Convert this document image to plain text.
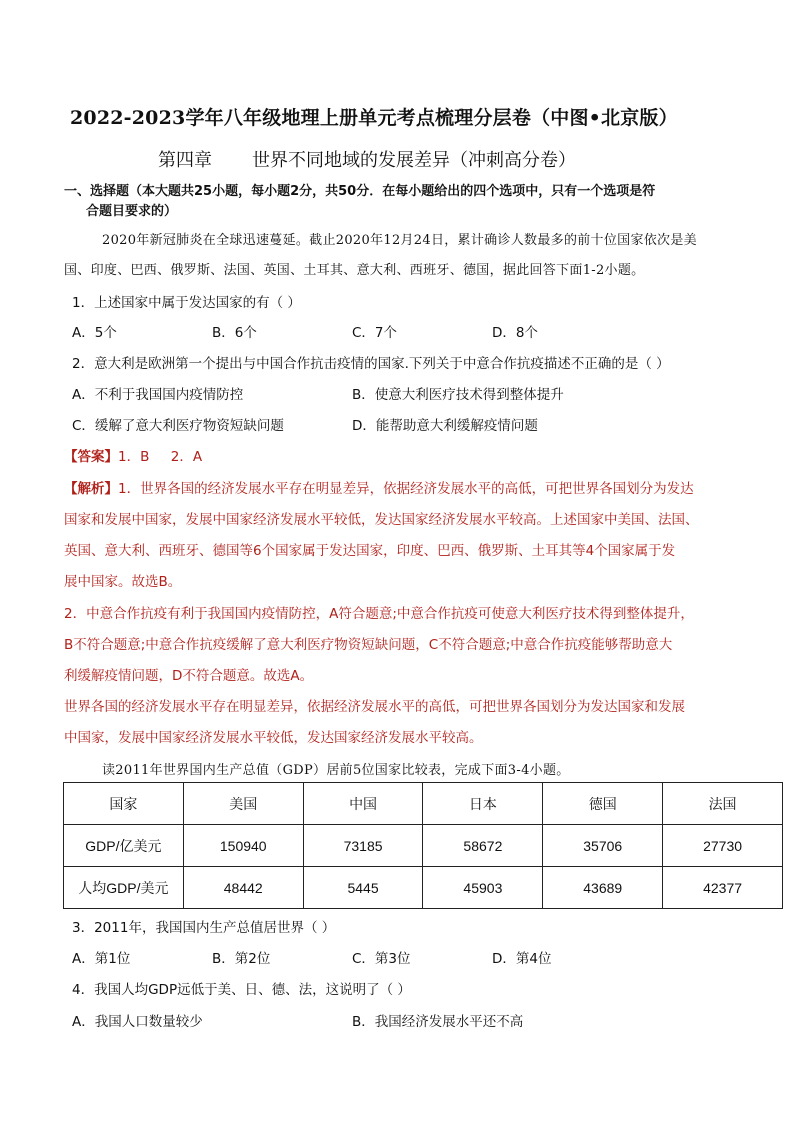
2022-2023学年八年级地理上册单元考点梳理分层卷（中图•北京版）
第四章 世界不同地域的发展差异（冲刺高分卷）
一、选择题（本大题共25小题，每小题2分，共50分．在每小题给出的四个选项中，只有一个选项是符
合题目要求的）
2020年新冠肺炎在全球迅速蔓延。截止2020年12月24日，累计确诊人数最多的前十位国家依次是美
国、印度、巴西、俄罗斯、法国、英国、土耳其、意大利、西班牙、德国，据此回答下面1-2小题。
1．上述国家中属于发达国家的有（ ）
A．5个	B．6个	C．7个	D．8个
2．意大利是欧洲第一个提出与中国合作抗击疫情的国家.下列关于中意合作抗疫描述不正确的是（ ）
A．不利于我国国内疫情防控	B．使意大利医疗技术得到整体提升
C．缓解了意大利医疗物资短缺问题	D．能帮助意大利缓解疫情问题
【答案】1．B     2．A
【解析】1．世界各国的经济发展水平存在明显差异，依据经济发展水平的高低，可把世界各国划分为发达
国家和发展中国家，发展中国家经济发展水平较低，发达国家经济发展水平较高。上述国家中美国、法国、
英国、意大利、西班牙、德国等6个国家属于发达国家，印度、巴西、俄罗斯、土耳其等4个国家属于发
展中国家。故选B。
2．中意合作抗疫有利于我国国内疫情防控，A符合题意;中意合作抗疫可使意大利医疗技术得到整体提升，
B不符合题意;中意合作抗疫缓解了意大利医疗物资短缺问题，C不符合题意;中意合作抗疫能够帮助意大
利缓解疫情问题，D不符合题意。故选A。
世界各国的经济发展水平存在明显差异，依据经济发展水平的高低，可把世界各国划分为发达国家和发展
中国家，发展中国家经济发展水平较低，发达国家经济发展水平较高。
读2011年世界国内生产总值（GDP）居前5位国家比较表，完成下面3-4小题。
国家	美国	中国	日本	德国	法国
GDP/亿美元	150940	73185	58672	35706	27730
人均GDP/美元	48442	5445	45903	43689	42377
3．2011年，我国国内生产总值居世界（ ）
A．第1位	B．第2位	C．第3位	D．第4位
4．我国人均GDP远低于美、日、德、法，这说明了（ ）
A．我国人口数量较少	B．我国经济发展水平还不高
